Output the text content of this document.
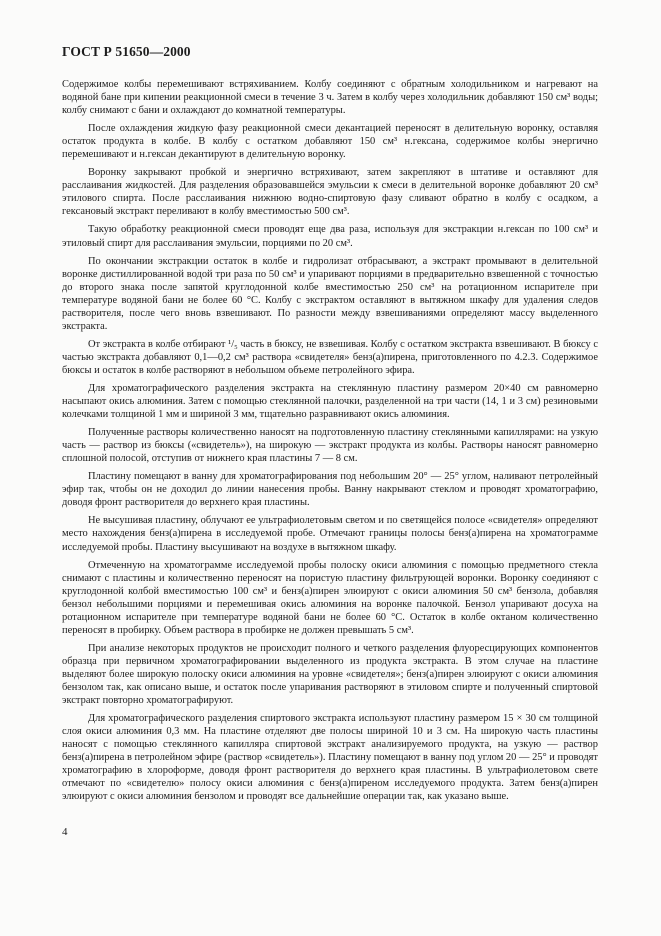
ГОСТ Р 51650—2000

Содержимое колбы перемешивают встряхиванием. Колбу соединяют с обратным холодильником и нагревают на водяной бане при кипении реакционной смеси в течение 3 ч. Затем в колбу через холодильник добавляют 150 см³ воды; колбу снимают с бани и охлаждают до комнатной температуры.

После охлаждения жидкую фазу реакционной смеси декантацией переносят в делительную воронку, оставляя остаток продукта в колбе. В колбу с остатком добавляют 150 см³ н.гексана, содержимое колбы энергично перемешивают и н.гексан декантируют в делительную воронку.

Воронку закрывают пробкой и энергично встряхивают, затем закрепляют в штативе и оставляют для расслаивания жидкостей. Для разделения образовавшейся эмульсии к смеси в делительной воронке добавляют 20 см³ этилового спирта. После расслаивания нижнюю водно-спиртовую фазу сливают обратно в колбу с осадком, а гексановый экстракт переливают в колбу вместимостью 500 см³.

Такую обработку реакционной смеси проводят еще два раза, используя для экстракции н.гексан по 100 см³ и этиловый спирт для расслаивания эмульсии, порциями по 20 см³.

По окончании экстракции остаток в колбе и гидролизат отбрасывают, а экстракт промывают в делительной воронке дистиллированной водой три раза по 50 см³ и упаривают порциями в предварительно взвешенной с точностью до второго знака после запятой круглодонной колбе вместимостью 250 см³ на ротационном испарителе при температуре водяной бани не более 60 °С. Колбу с экстрактом оставляют в вытяжном шкафу для удаления следов растворителя, после чего вновь взвешивают. По разности между взвешиваниями определяют массу выделенного экстракта.

От экстракта в колбе отбирают ¹/₅ часть в бюксу, не взвешивая. Колбу с остатком экстракта взвешивают. В бюксу с частью экстракта добавляют 0,1—0,2 см³ раствора «свидетеля» бенз(а)пирена, приготовленного по 4.2.3. Содержимое бюксы и остаток в колбе растворяют в небольшом объеме петролейного эфира.

Для хроматографического разделения экстракта на стеклянную пластину размером 20×40 см равномерно насыпают окись алюминия. Затем с помощью стеклянной палочки, разделенной на три части (14, 1 и 3 см) резиновыми колечками толщиной 1 мм и шириной 3 мм, тщательно разравнивают окись алюминия.

Полученные растворы количественно наносят на подготовленную пластину стеклянными капиллярами: на узкую часть — раствор из бюксы («свидетель»), на широкую — экстракт продукта из колбы. Растворы наносят равномерно сплошной полосой, отступив от нижнего края пластины 7 — 8 см.

Пластину помещают в ванну для хроматографирования под небольшим 20° — 25° углом, наливают петролейный эфир так, чтобы он не доходил до линии нанесения пробы. Ванну накрывают стеклом и проводят хроматографию, доводя фронт растворителя до верхнего края пластины.

Не высушивая пластину, облучают ее ультрафиолетовым светом и по светящейся полосе «свидетеля» определяют место нахождения бенз(а)пирена в исследуемой пробе. Отмечают границы полосы бенз(а)пирена на хроматограмме исследуемой пробы. Пластину высушивают на воздухе в вытяжном шкафу.

Отмеченную на хроматограмме исследуемой пробы полоску окиси алюминия с помощью предметного стекла снимают с пластины и количественно переносят на пористую пластину фильтрующей воронки. Воронку соединяют с круглодонной колбой вместимостью 100 см³ и бенз(а)пирен элюируют с окиси алюминия 50 см³ бензола, добавляя бензол небольшими порциями и перемешивая окись алюминия на воронке палочкой. Бензол упаривают досуха на ротационном испарителе при температуре водяной бани не более 60 °С. Остаток в колбе октаном количественно переносят в пробирку. Объем раствора в пробирке не должен превышать 5 см³.

При анализе некоторых продуктов не происходит полного и четкого разделения флуоресцирующих компонентов образца при первичном хроматографировании выделенного из продукта экстракта. В этом случае на пластине выделяют более широкую полоску окиси алюминия на уровне «свидетеля»; бенз(а)пирен элюируют с окиси алюминия бензолом так, как описано выше, и остаток после упаривания растворяют в этиловом спирте и полученный спиртовой экстракт повторно хроматографируют.

Для хроматографического разделения спиртового экстракта используют пластину размером 15 × 30 см толщиной слоя окиси алюминия 0,3 мм. На пластине отделяют две полосы шириной 10 и 3 см. На широкую часть пластины наносят с помощью стеклянного капилляра спиртовой экстракт анализируемого продукта, на узкую — раствор бенз(а)пирена в петролейном эфире (раствор «свидетель»). Пластину помещают в ванну под углом 20 — 25° и проводят хроматографию в хлороформе, доводя фронт растворителя до верхнего края пластины. В ультрафиолетовом свете отмечают по «свидетелю» полосу окиси алюминия с бенз(а)пиреном исследуемого продукта. Затем бенз(а)пирен элюируют с окиси алюминия бензолом и проводят все дальнейшие операции так, как указано выше.

4
